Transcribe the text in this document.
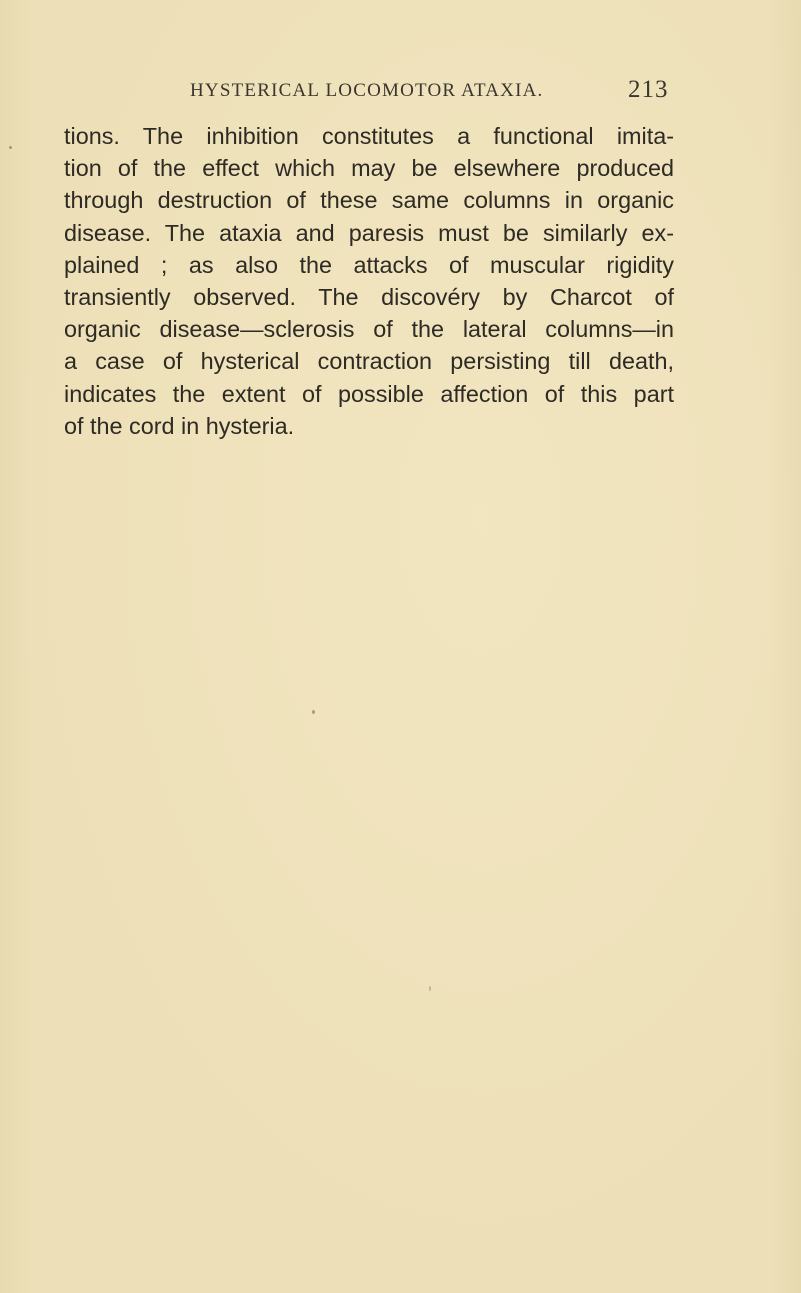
HYSTERICAL LOCOMOTOR ATAXIA.	213
tions. The inhibition constitutes a functional imita-
tion of the effect which may be elsewhere produced
through destruction of these same columns in organic
disease. The ataxia and paresis must be similarly ex-
plained ; as also the attacks of muscular rigidity
transiently observed. The discovéry by Charcot of
organic disease—sclerosis of the lateral columns—in
a case of hysterical contraction persisting till death,
indicates the extent of possible affection of this part
of the cord in hysteria.
